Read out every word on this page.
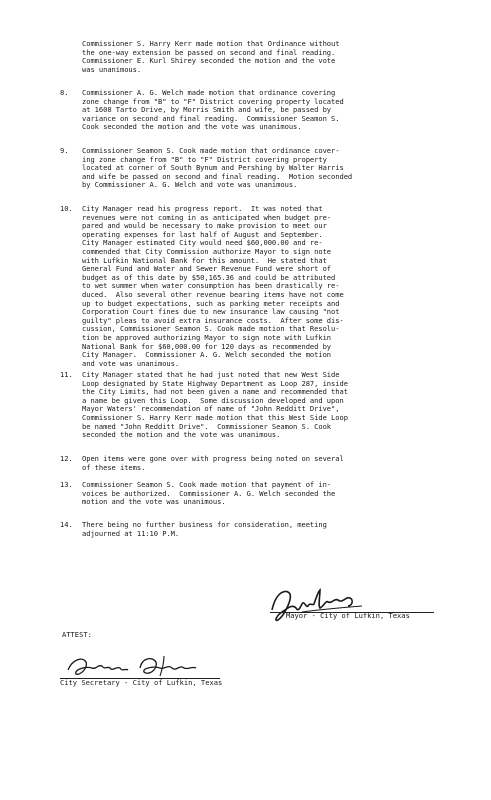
Commissioner S. Harry Kerr made motion that Ordinance without
the one-way extension be passed on second and final reading.
Commissioner E. Kurl Shirey seconded the motion and the vote
was unanimous.
8.	Commissioner A. G. Welch made motion that ordinance covering
zone change from "B" to "F" District covering property located
at 1608 Tarto Drive, by Morris Smith and wife, be passed by
variance on second and final reading.  Commissioner Seamon S.
Cook seconded the motion and the vote was unanimous.
9.	Commissioner Seamon S. Cook made motion that ordinance cover-
ing zone change from "B" to "F" District covering property
located at corner of South Bynum and Pershing by Walter Harris
and wife be passed on second and final reading.  Motion seconded
by Commissioner A. G. Welch and vote was unanimous.
10.	City Manager read his progress report.  It was noted that
revenues were not coming in as anticipated when budget pre-
pared and would be necessary to make provision to meet our
operating expenses for last half of August and September.
City Manager estimated City would need $60,000.00 and re-
commended that City Commission authorize Mayor to sign note
with Lufkin National Bank for this amount.  He stated that
General Fund and Water and Sewer Revenue Fund were short of
budget as of this date by $50,165.36 and could be attributed
to wet summer when water consumption has been drastically re-
duced.  Also several other revenue bearing items have not come
up to budget expectations, such as parking meter receipts and
Corporation Court fines due to new insurance law causing "not
guilty" pleas to avoid extra insurance costs.  After some dis-
cussion, Commissioner Seamon S. Cook made motion that Resolu-
tion be approved authorizing Mayor to sign note with Lufkin
National Bank for $60,000.00 for 120 days as recommended by
City Manager.  Commissioner A. G. Welch seconded the motion
and vote was unanimous.
11.	City Manager stated that he had just noted that new West Side
Loop designated by State Highway Department as Loop 287, inside
the City Limits, had not been given a name and recommended that
a name be given this Loop.  Some discussion developed and upon
Mayor Waters' recommendation of name of "John Redditt Drive",
Commissioner S. Harry Kerr made motion that this West Side Loop
be named "John Redditt Drive".  Commissioner Seamon S. Cook
seconded the motion and the vote was unanimous.
12.	Open items were gone over with progress being noted on several
of these items.
13.	Commissioner Seamon S. Cook made motion that payment of in-
voices be authorized.  Commissioner A. G. Welch seconded the
motion and the vote was unanimous.
14.	There being no further business for consideration, meeting
adjourned at 11:10 P.M.
Mayor - City of Lufkin, Texas
ATTEST:
City Secretary - City of Lufkin, Texas
